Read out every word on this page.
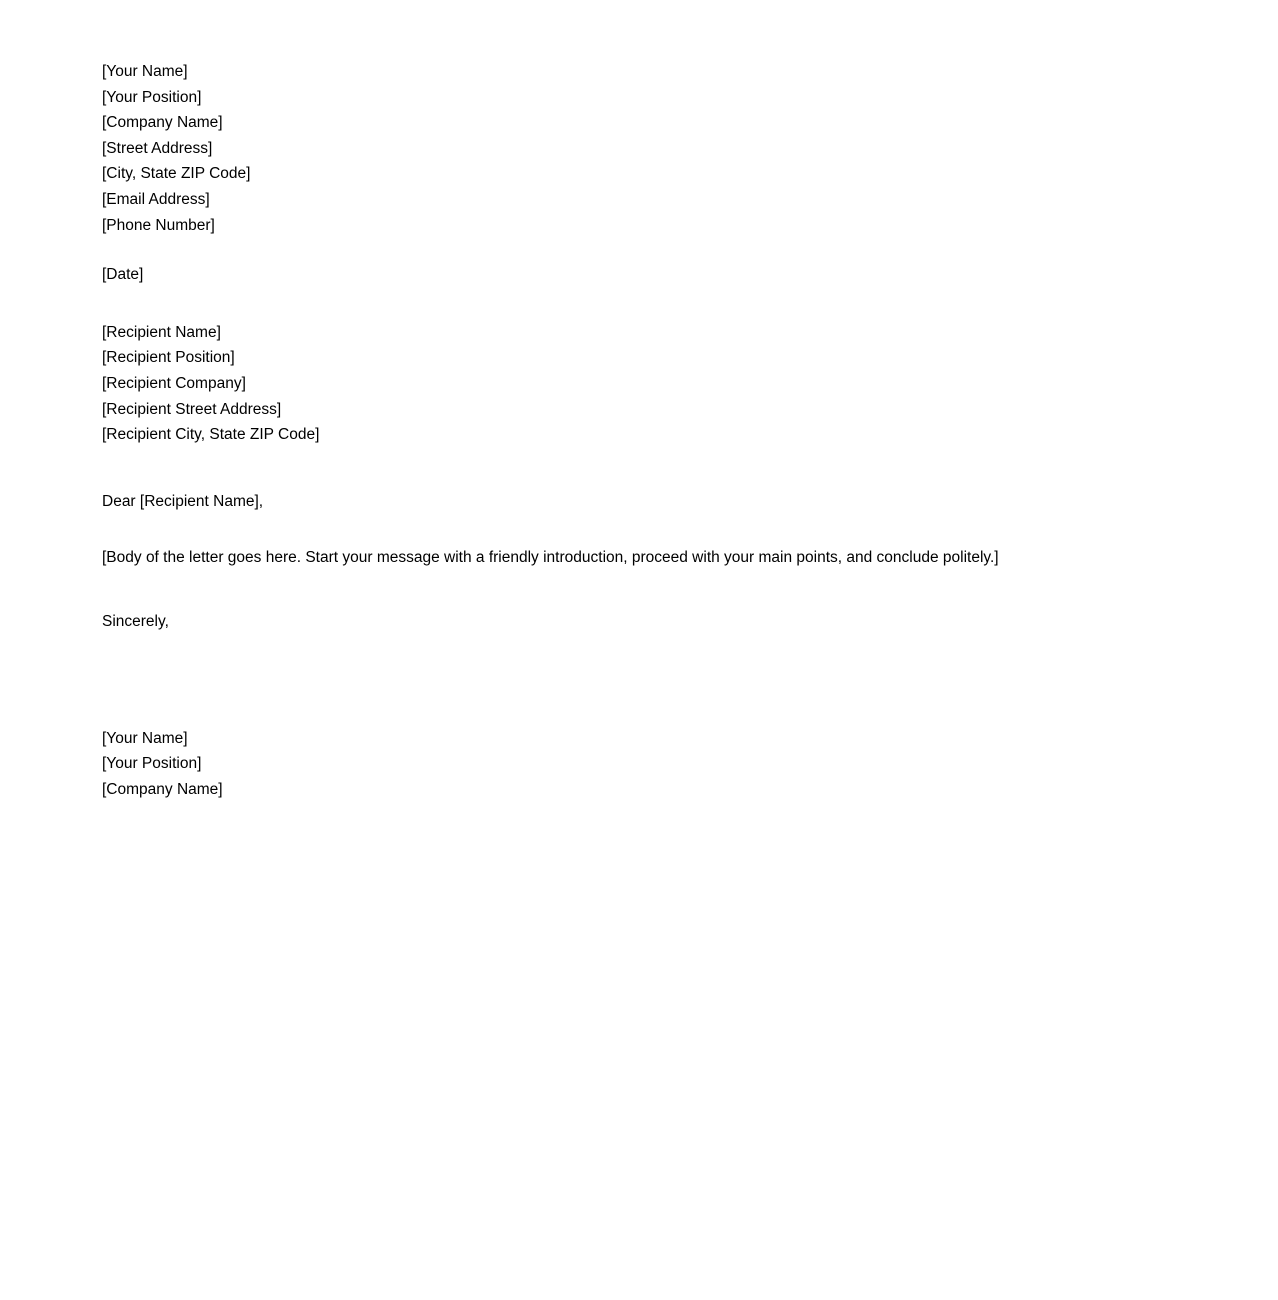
[Your Name]
[Your Position]
[Company Name]
[Street Address]
[City, State ZIP Code]
[Email Address]
[Phone Number]
[Date]
[Recipient Name]
[Recipient Position]
[Recipient Company]
[Recipient Street Address]
[Recipient City, State ZIP Code]
Dear [Recipient Name],

[Body of the letter goes here. Start your message with a friendly introduction, proceed with your main points, and conclude politely.]

Sincerely,
[Your Name]
[Your Position]
[Company Name]
